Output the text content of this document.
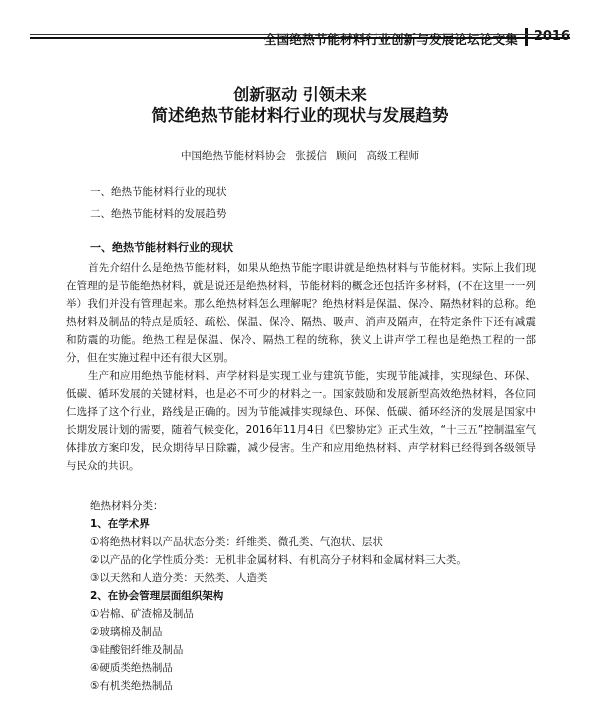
全国绝热节能材料行业创新与发展论坛论文集	2016
创新驱动 引领未来
简述绝热节能材料行业的现状与发展趋势
中国绝热节能材料协会 张援信 顾问 高级工程师
一、绝热节能材料行业的现状
二、绝热节能材料的发展趋势
一、绝热节能材料行业的现状

首先介绍什么是绝热节能材料，如果从绝热节能字眼讲就是绝热材料与节能材料。实际上我们现在管理的是节能绝热材料，就是说还是绝热材料，节能材料的概念还包括许多材料，(不在这里一一列举）我们并没有管理起来。那么绝热材料怎么理解呢？绝热材料是保温、保冷、隔热材料的总称。绝热材料及制品的特点是质轻、疏松、保温、保冷、隔热、吸声、消声及隔声，在特定条件下还有减震和防震的功能。绝热工程是保温、保冷、隔热工程的统称，狭义上讲声学工程也是绝热工程的一部分，但在实施过程中还有很大区别。

生产和应用绝热节能材料、声学材料是实现工业与建筑节能，实现节能减排，实现绿色、环保、低碳、循环发展的关键材料，也是必不可少的材料之一。国家鼓励和发展新型高效绝热材料，各位同仁选择了这个行业，路线是正确的。因为节能减排实现绿色、环保、低碳、循环经济的发展是国家中长期发展计划的需要，随着气候变化，2016年11月4日《巴黎协定》正式生效，“十三五”控制温室气体排放方案印发，民众期待早日除霾，减少侵害。生产和应用绝热材料、声学材料已经得到各级领导与民众的共识。

绝热材料分类：
1、在学术界
①将绝热材料以产品状态分类：纤维类、微孔类、气泡状、层状
②以产品的化学性质分类：无机非金属材料、有机高分子材料和金属材料三大类。
③以天然和人造分类：天然类、人造类
2、在协会管理层面组织架构
①岩棉、矿渣棉及制品
②玻璃棉及制品
③硅酸铝纤维及制品
④硬质类绝热制品
⑤有机类绝热制品
